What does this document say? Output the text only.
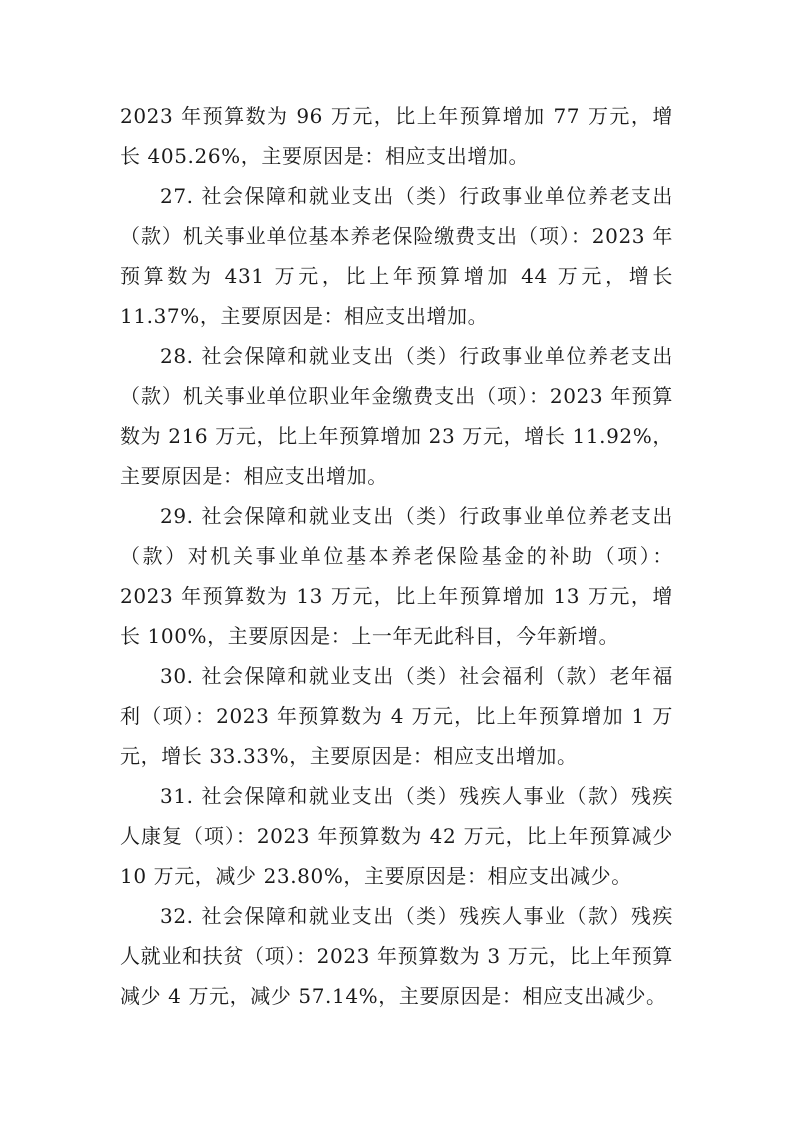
2023 年预算数为 96 万元，比上年预算增加 77 万元，增长 405.26%，主要原因是：相应支出增加。

27. 社会保障和就业支出（类）行政事业单位养老支出（款）机关事业单位基本养老保险缴费支出（项）：2023 年预算数为 431 万元，比上年预算增加 44 万元，增长 11.37%，主要原因是：相应支出增加。

28. 社会保障和就业支出（类）行政事业单位养老支出（款）机关事业单位职业年金缴费支出（项）：2023 年预算数为 216 万元，比上年预算增加 23 万元，增长 11.92%，主要原因是：相应支出增加。

29. 社会保障和就业支出（类）行政事业单位养老支出（款）对机关事业单位基本养老保险基金的补助（项）：2023 年预算数为 13 万元，比上年预算增加 13 万元，增长 100%，主要原因是：上一年无此科目，今年新增。

30. 社会保障和就业支出（类）社会福利（款）老年福利（项）：2023 年预算数为 4 万元，比上年预算增加 1 万元，增长 33.33%，主要原因是：相应支出增加。

31. 社会保障和就业支出（类）残疾人事业（款）残疾人康复（项）：2023 年预算数为 42 万元，比上年预算减少 10 万元，减少 23.80%，主要原因是：相应支出减少。

32. 社会保障和就业支出（类）残疾人事业（款）残疾人就业和扶贫（项）：2023 年预算数为 3 万元，比上年预算减少 4 万元，减少 57.14%，主要原因是：相应支出减少。
